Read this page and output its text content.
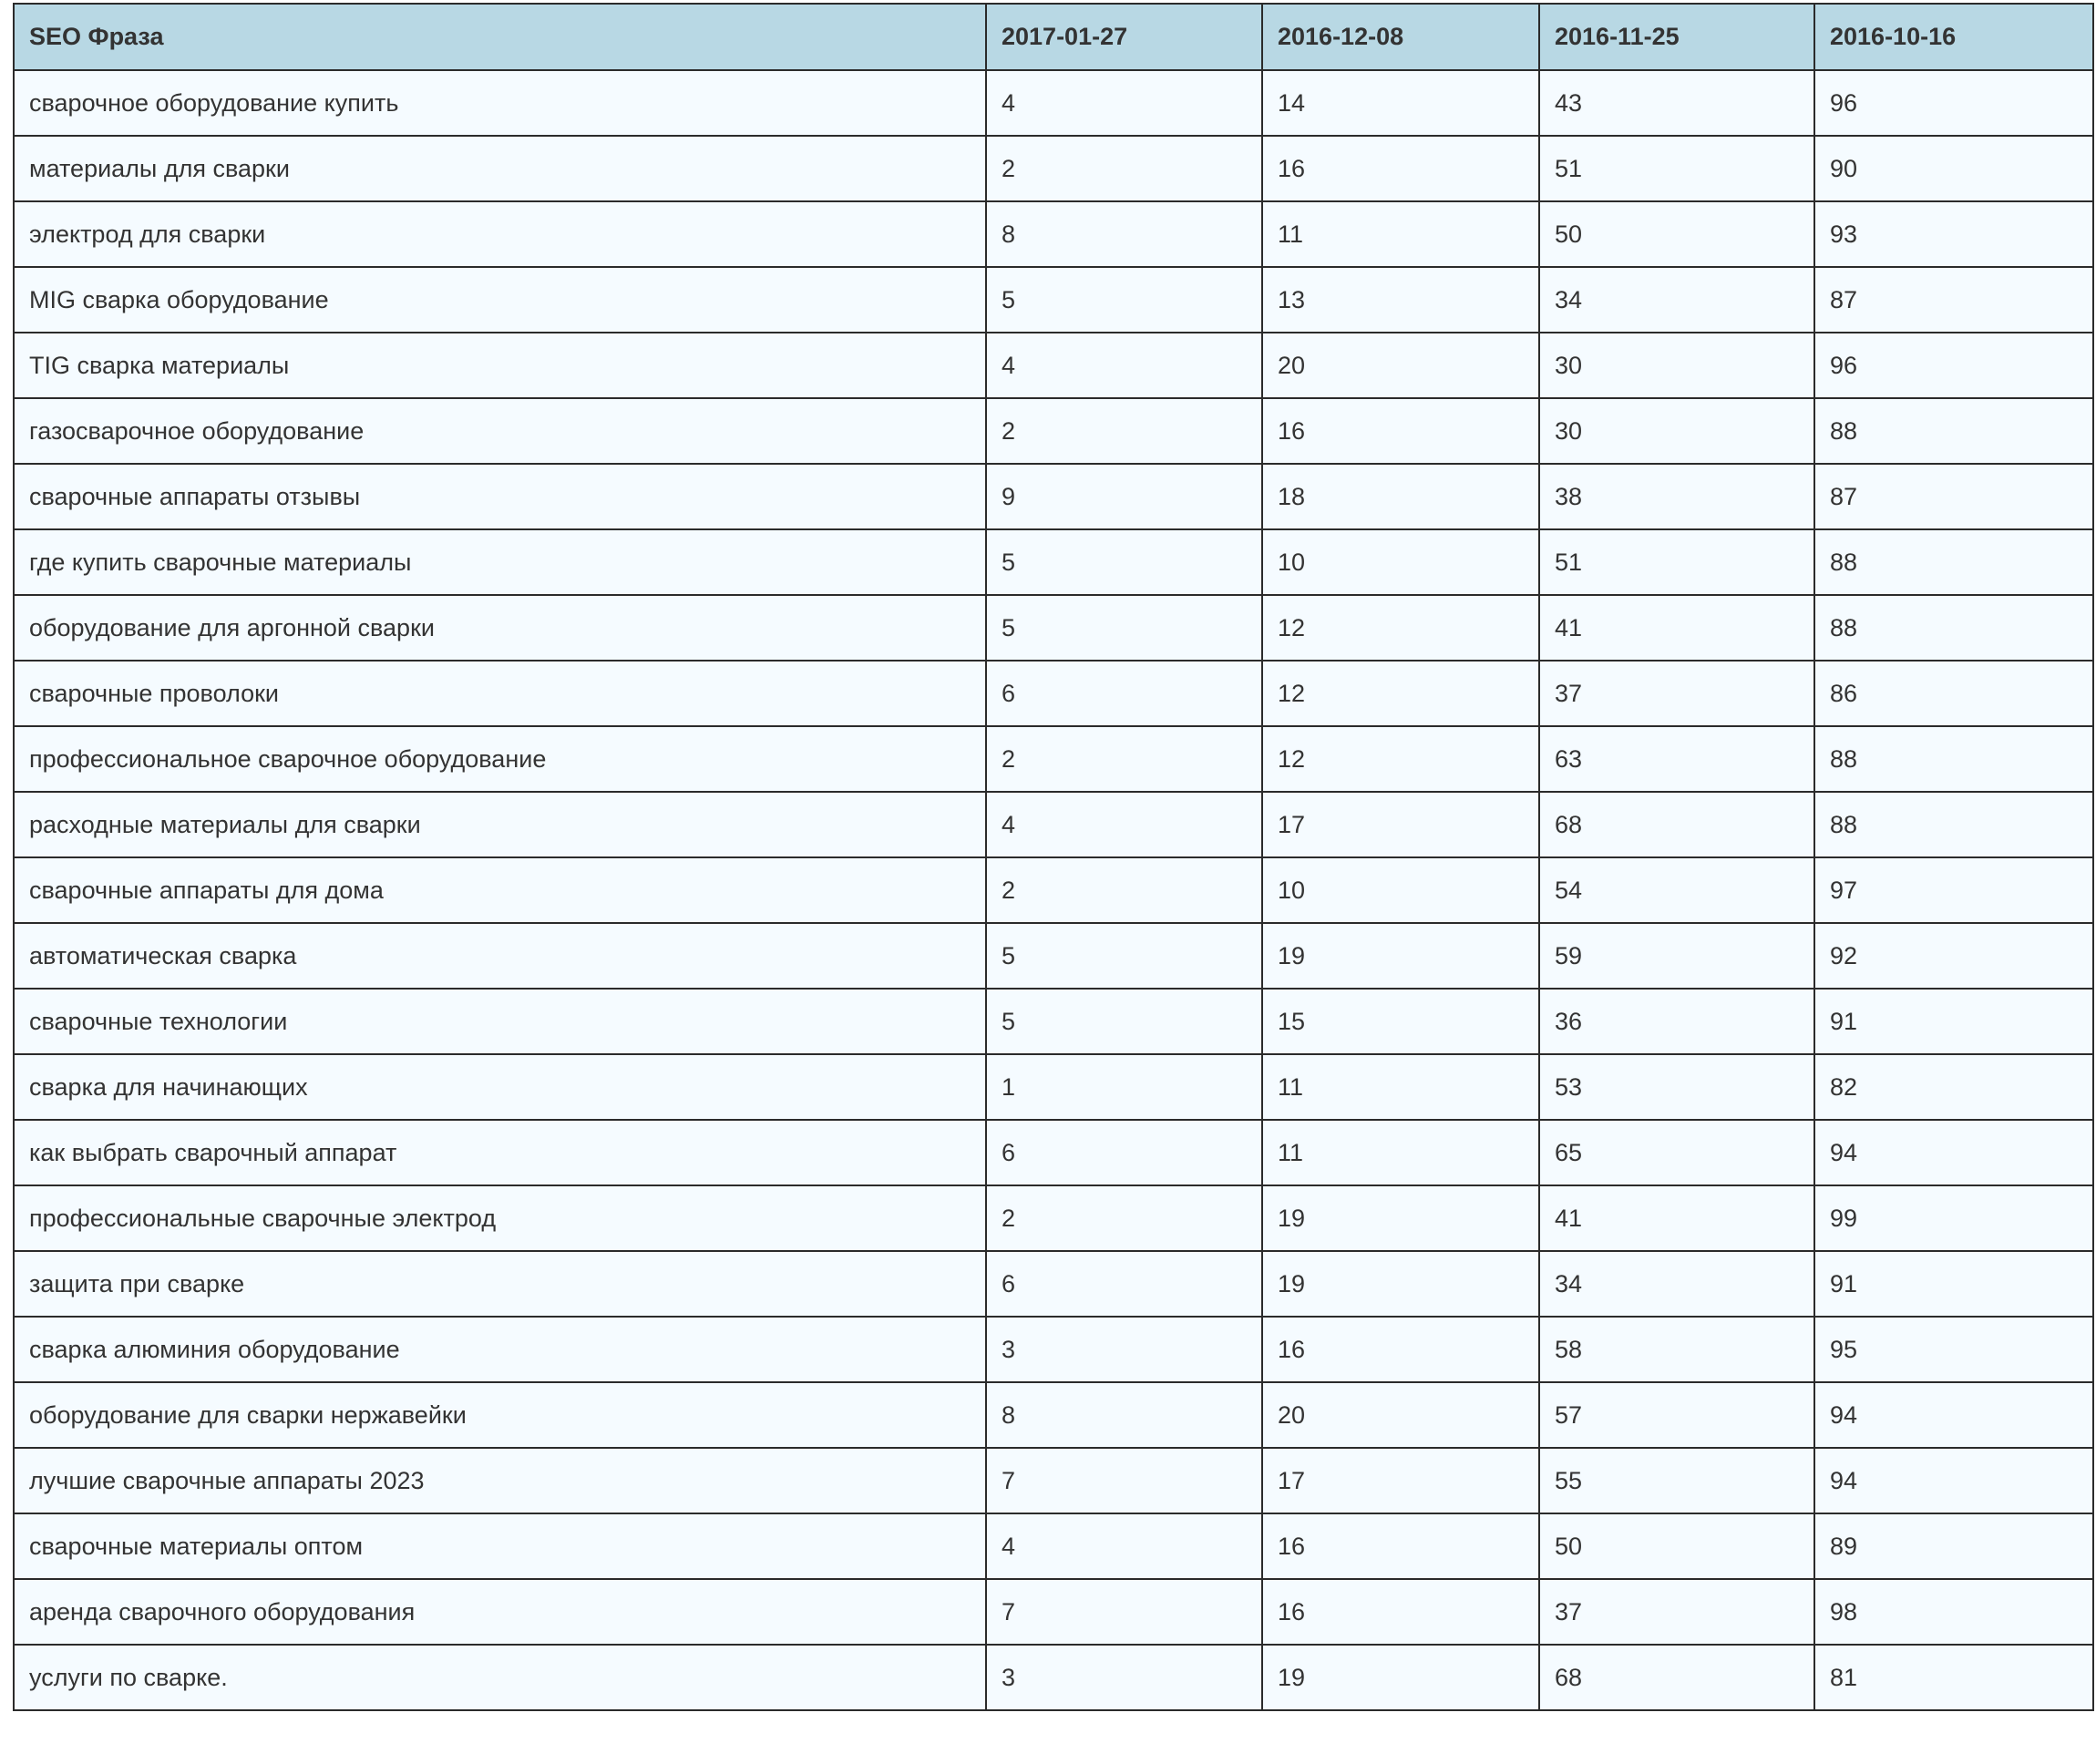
SEO Фраза	2017-01-27	2016-12-08	2016-11-25	2016-10-16
сварочное оборудование купить	4	14	43	96
материалы для сварки	2	16	51	90
электрод для сварки	8	11	50	93
MIG сварка оборудование	5	13	34	87
TIG сварка материалы	4	20	30	96
газосварочное оборудование	2	16	30	88
сварочные аппараты отзывы	9	18	38	87
где купить сварочные материалы	5	10	51	88
оборудование для аргонной сварки	5	12	41	88
сварочные проволоки	6	12	37	86
профессиональное сварочное оборудование	2	12	63	88
расходные материалы для сварки	4	17	68	88
сварочные аппараты для дома	2	10	54	97
автоматическая сварка	5	19	59	92
сварочные технологии	5	15	36	91
сварка для начинающих	1	11	53	82
как выбрать сварочный аппарат	6	11	65	94
профессиональные сварочные электрод	2	19	41	99
защита при сварке	6	19	34	91
сварка алюминия оборудование	3	16	58	95
оборудование для сварки нержавейки	8	20	57	94
лучшие сварочные аппараты 2023	7	17	55	94
сварочные материалы оптом	4	16	50	89
аренда сварочного оборудования	7	16	37	98
услуги по сварке.	3	19	68	81
